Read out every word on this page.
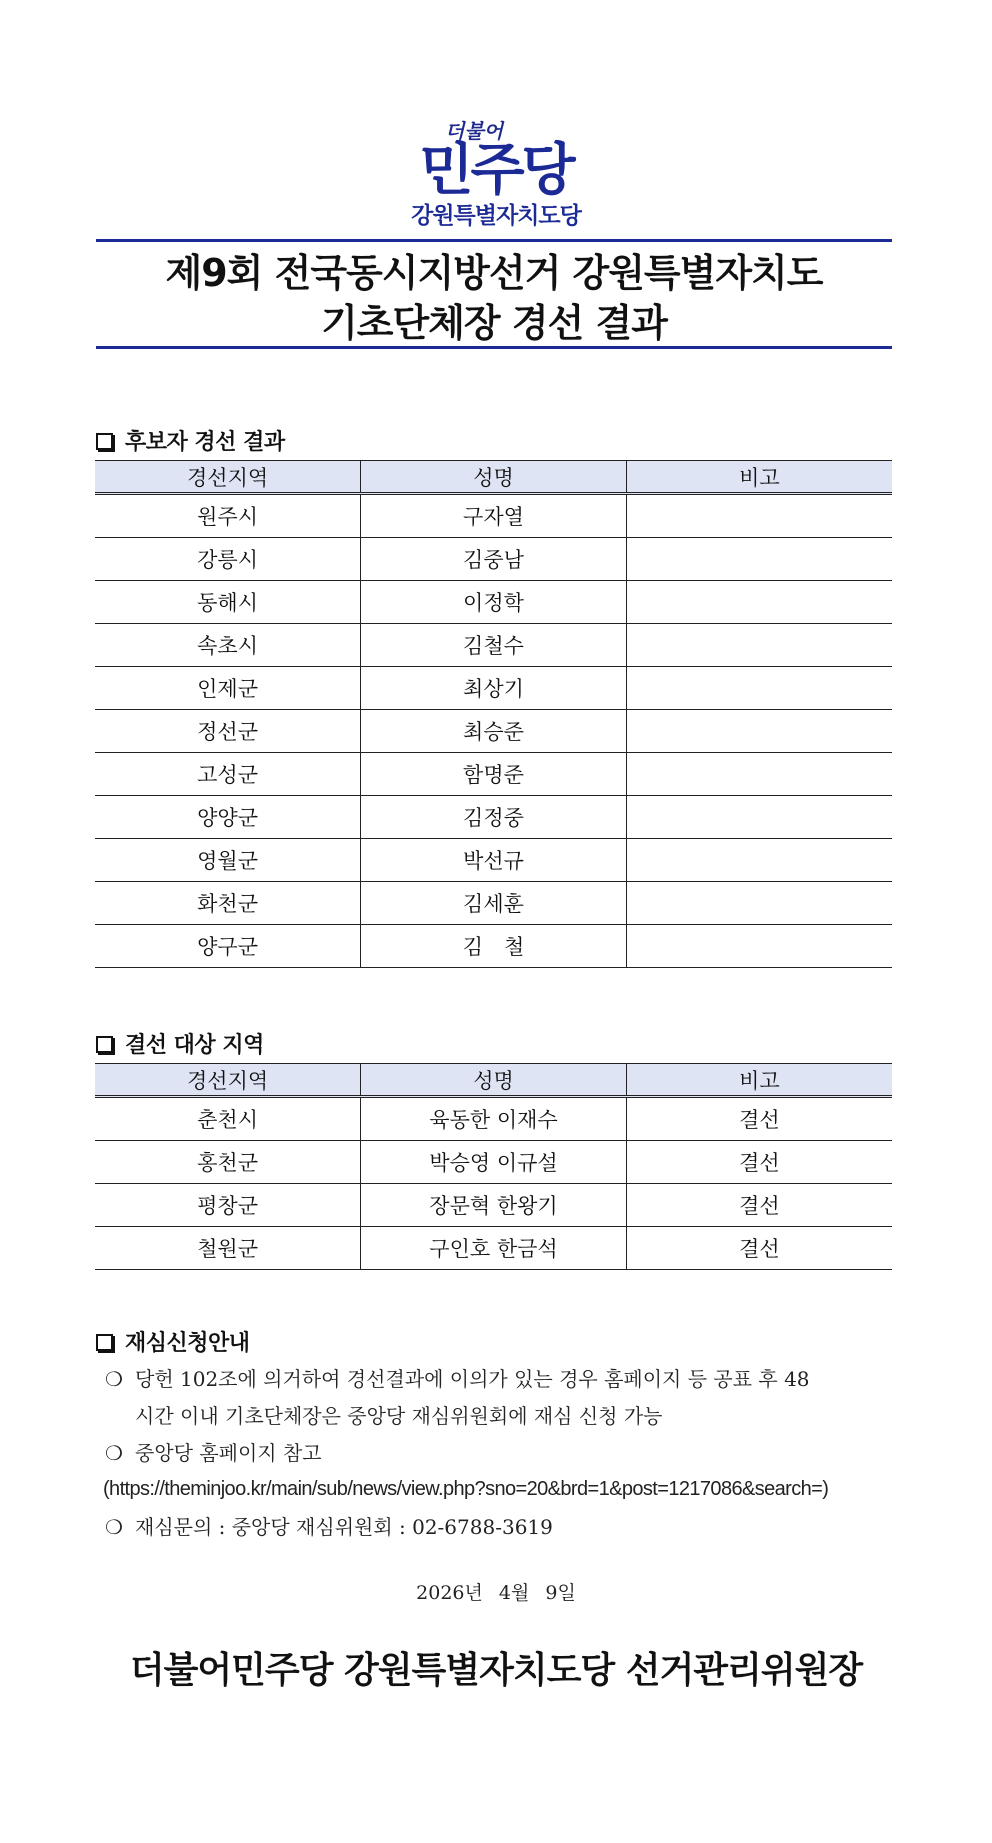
더불어
민주당
강원특별자치도당
제9회 전국동시지방선거 강원특별자치도
기초단체장 경선 결과
후보자 경선 결과
경선지역	성명	비고
원주시	구자열	
강릉시	김중남	
동해시	이정학	
속초시	김철수	
인제군	최상기	
정선군	최승준	
고성군	함명준	
양양군	김정중	
영월군	박선규	
화천군	김세훈	
양구군	김　철	
결선 대상 지역
경선지역	성명	비고
춘천시	육동한 이재수	결선
홍천군	박승영 이규설	결선
평창군	장문혁 한왕기	결선
철원군	구인호 한금석	결선
재심신청안내
❍ 당헌 102조에 의거하여 경선결과에 이의가 있는 경우 홈페이지 등 공표 후 48
시간 이내 기초단체장은 중앙당 재심위원회에 재심 신청 가능
❍ 중앙당 홈페이지 참고
(https://theminjoo.kr/main/sub/news/view.php?sno=20&brd=1&post=1217086&search=)
❍ 재심문의 : 중앙당 재심위원회 : 02-6788-3619
2026년 4월 9일
더불어민주당 강원특별자치도당 선거관리위원장
